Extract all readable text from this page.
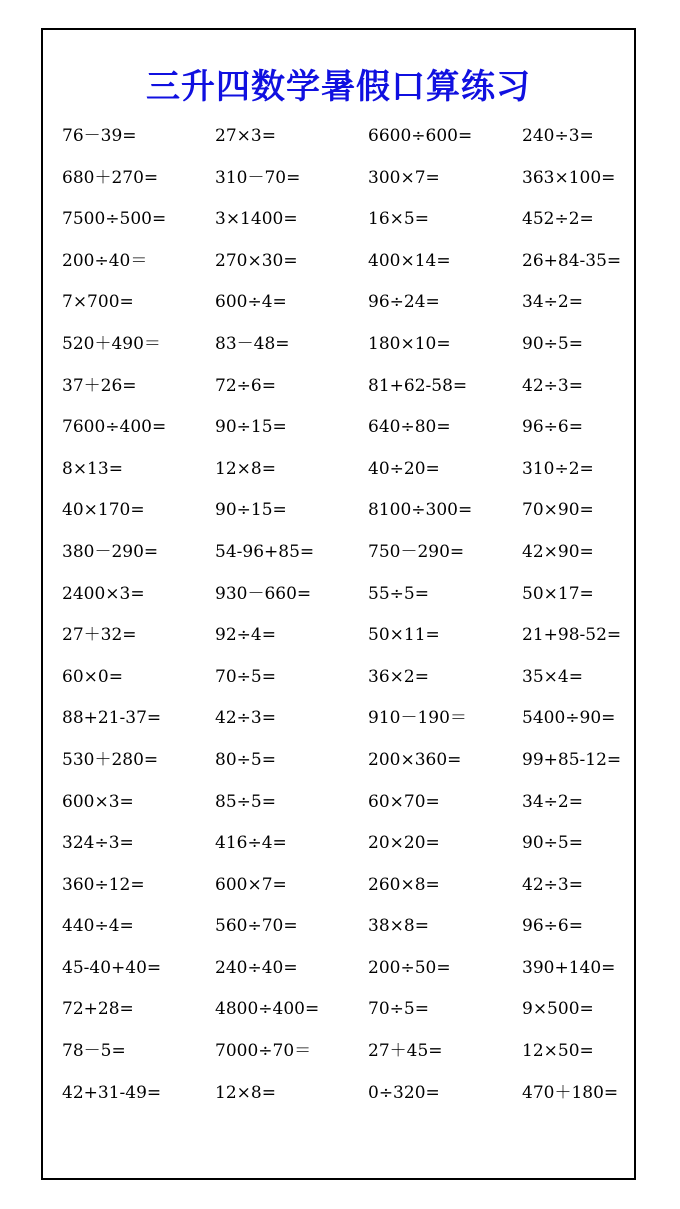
三升四数学暑假口算练习
76－39=	27×3=	6600÷600=	240÷3=
680＋270=	310－70=	300×7=	363×100=
7500÷500=	3×1400=	16×5=	452÷2=
200÷40＝	270×30=	400×14=	26+84-35=
7×700=	600÷4=	96÷24=	34÷2=
520＋490＝	83－48=	180×10=	90÷5=
37＋26=	72÷6=	81+62-58=	42÷3=
7600÷400=	90÷15=	640÷80=	96÷6=
8×13=	12×8=	40÷20=	310÷2=
40×170=	90÷15=	8100÷300=	70×90=
380－290=	54-96+85=	750－290=	42×90=
2400×3=	930－660=	55÷5=	50×17=
27＋32=	92÷4=	50×11=	21+98-52=
60×0=	70÷5=	36×2=	35×4=
88+21-37=	42÷3=	910－190＝	5400÷90=
530＋280=	80÷5=	200×360=	99+85-12=
600×3=	85÷5=	60×70=	34÷2=
324÷3=	416÷4=	20×20=	90÷5=
360÷12=	600×7=	260×8=	42÷3=
440÷4=	560÷70=	38×8=	96÷6=
45-40+40=	240÷40=	200÷50=	390+140=
72+28=	4800÷400=	70÷5=	9×500=
78－5=	7000÷70＝	27＋45=	12×50=
42+31-49=	12×8=	0÷320=	470＋180=
